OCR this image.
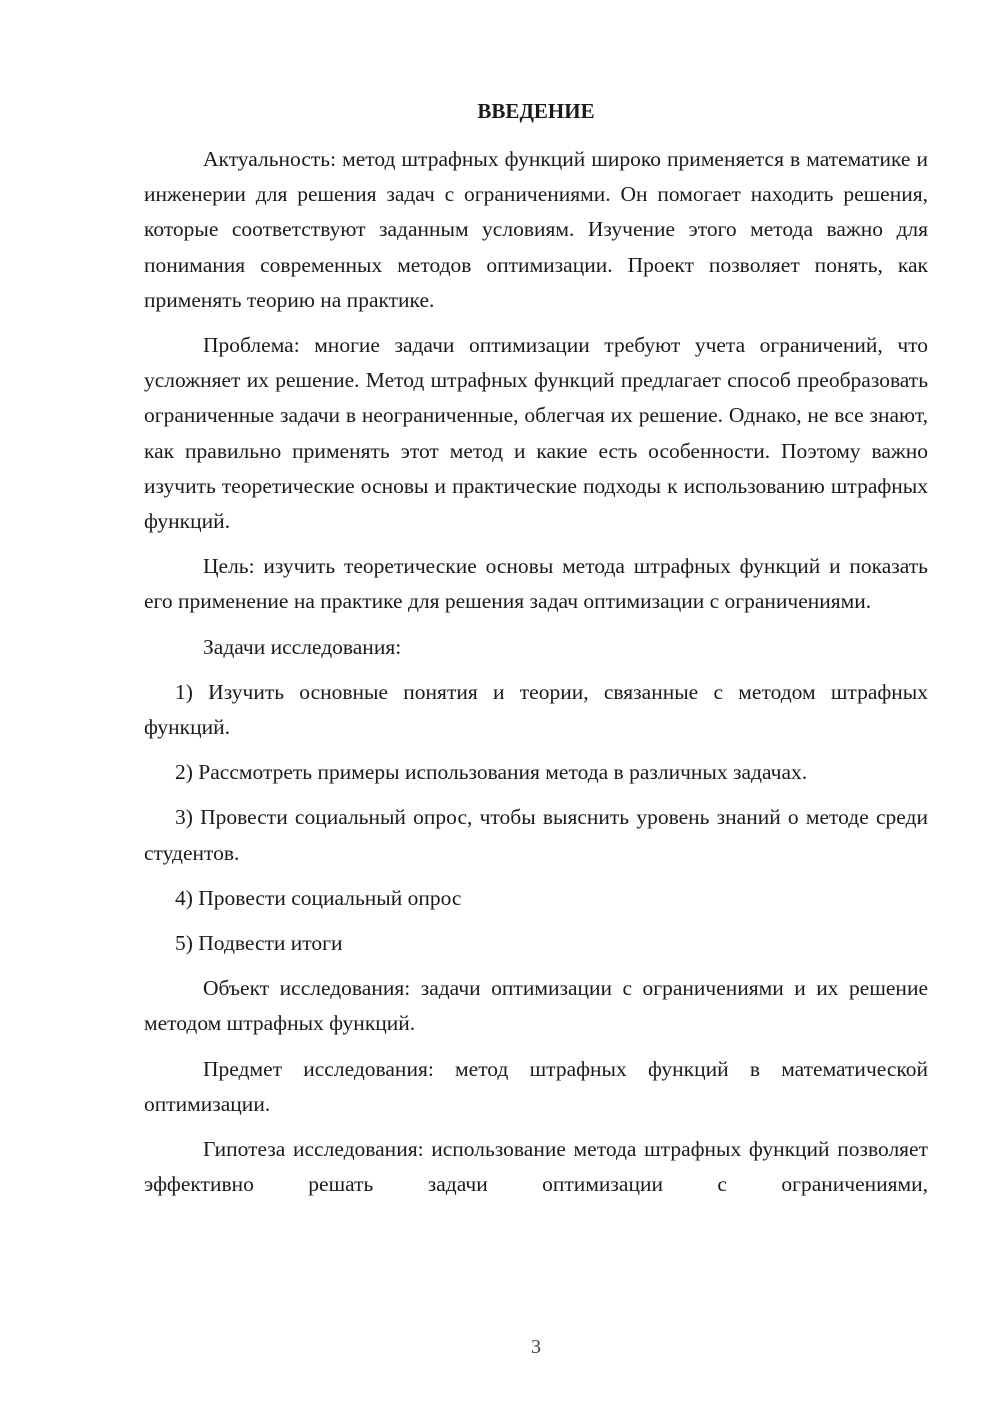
ВВЕДЕНИЕ

Актуальность: метод штрафных функций широко применяется в математике и инженерии для решения задач с ограничениями. Он помогает находить решения, которые соответствуют заданным условиям. Изучение этого метода важно для понимания современных методов оптимизации. Проект позволяет понять, как применять теорию на практике.

Проблема: многие задачи оптимизации требуют учета ограничений, что усложняет их решение. Метод штрафных функций предлагает способ преобразовать ограниченные задачи в неограниченные, облегчая их решение. Однако, не все знают, как правильно применять этот метод и какие есть особенности. Поэтому важно изучить теоретические основы и практические подходы к использованию штрафных функций.

Цель: изучить теоретические основы метода штрафных функций и показать его применение на практике для решения задач оптимизации с ограничениями.

Задачи исследования:

1) Изучить основные понятия и теории, связанные с методом штрафных функций.

2) Рассмотреть примеры использования метода в различных задачах.

3) Провести социальный опрос, чтобы выяснить уровень знаний о методе среди студентов.

4) Провести социальный опрос

5) Подвести итоги

Объект исследования: задачи оптимизации с ограничениями и их решение методом штрафных функций.

Предмет исследования: метод штрафных функций в математической оптимизации.

Гипотеза исследования: использование метода штрафных функций позволяет эффективно решать задачи оптимизации с ограничениями,

3
